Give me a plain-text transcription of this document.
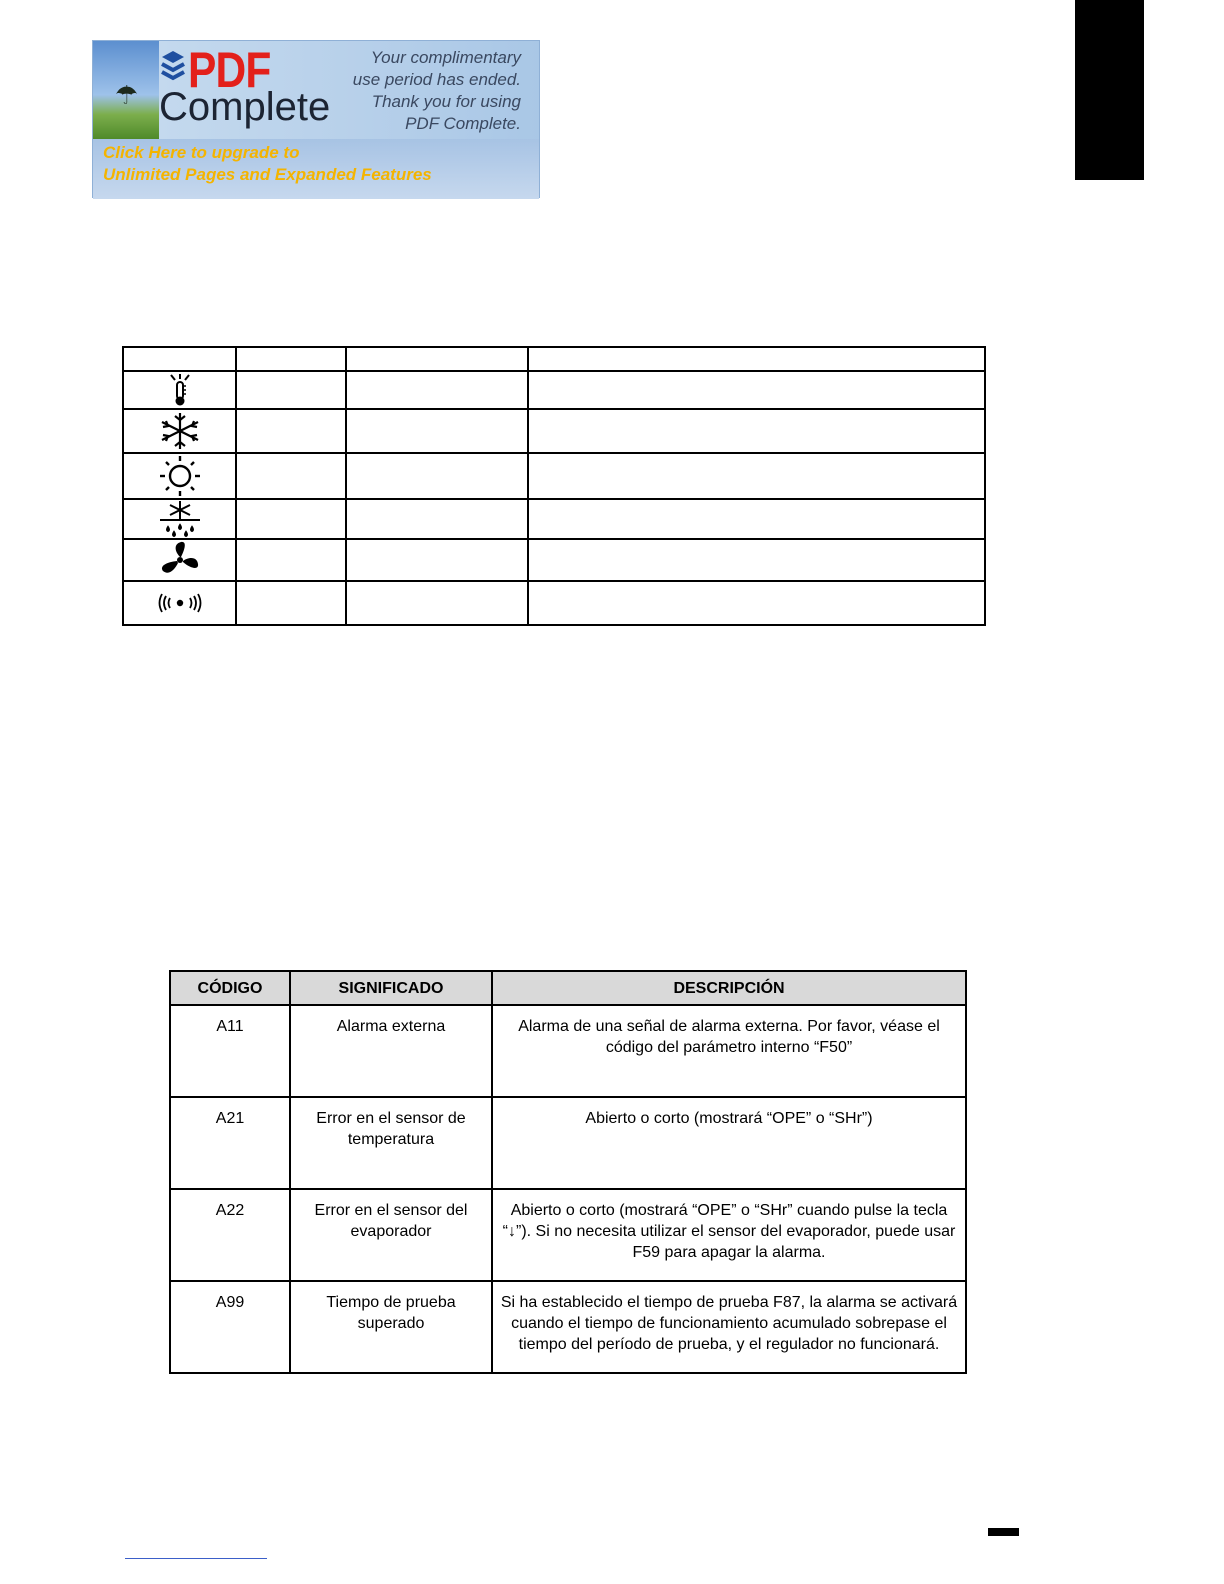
☂ PDF
Complete
Your complimentary
use period has ended.
Thank you for using
PDF Complete.
Click Here to upgrade to
Unlimited Pages and Expanded Features

CÓDIGO	SIGNIFICADO	DESCRIPCIÓN
A11	Alarma externa	Alarma de una señal de alarma externa. Por favor, véase el código del parámetro interno “F50”
A21	Error en el sensor de temperatura	Abierto o corto (mostrará “OPE” o “SHr”)
A22	Error en el sensor del evaporador	Abierto o corto (mostrará “OPE” o “SHr” cuando pulse la tecla “↓”). Si no necesita utilizar el sensor del evaporador, puede usar F59 para apagar la alarma.
A99	Tiempo de prueba superado	Si ha establecido el tiempo de prueba F87, la alarma se activará cuando el tiempo de funcionamiento acumulado sobrepase el tiempo del período de prueba, y el regulador no funcionará.
